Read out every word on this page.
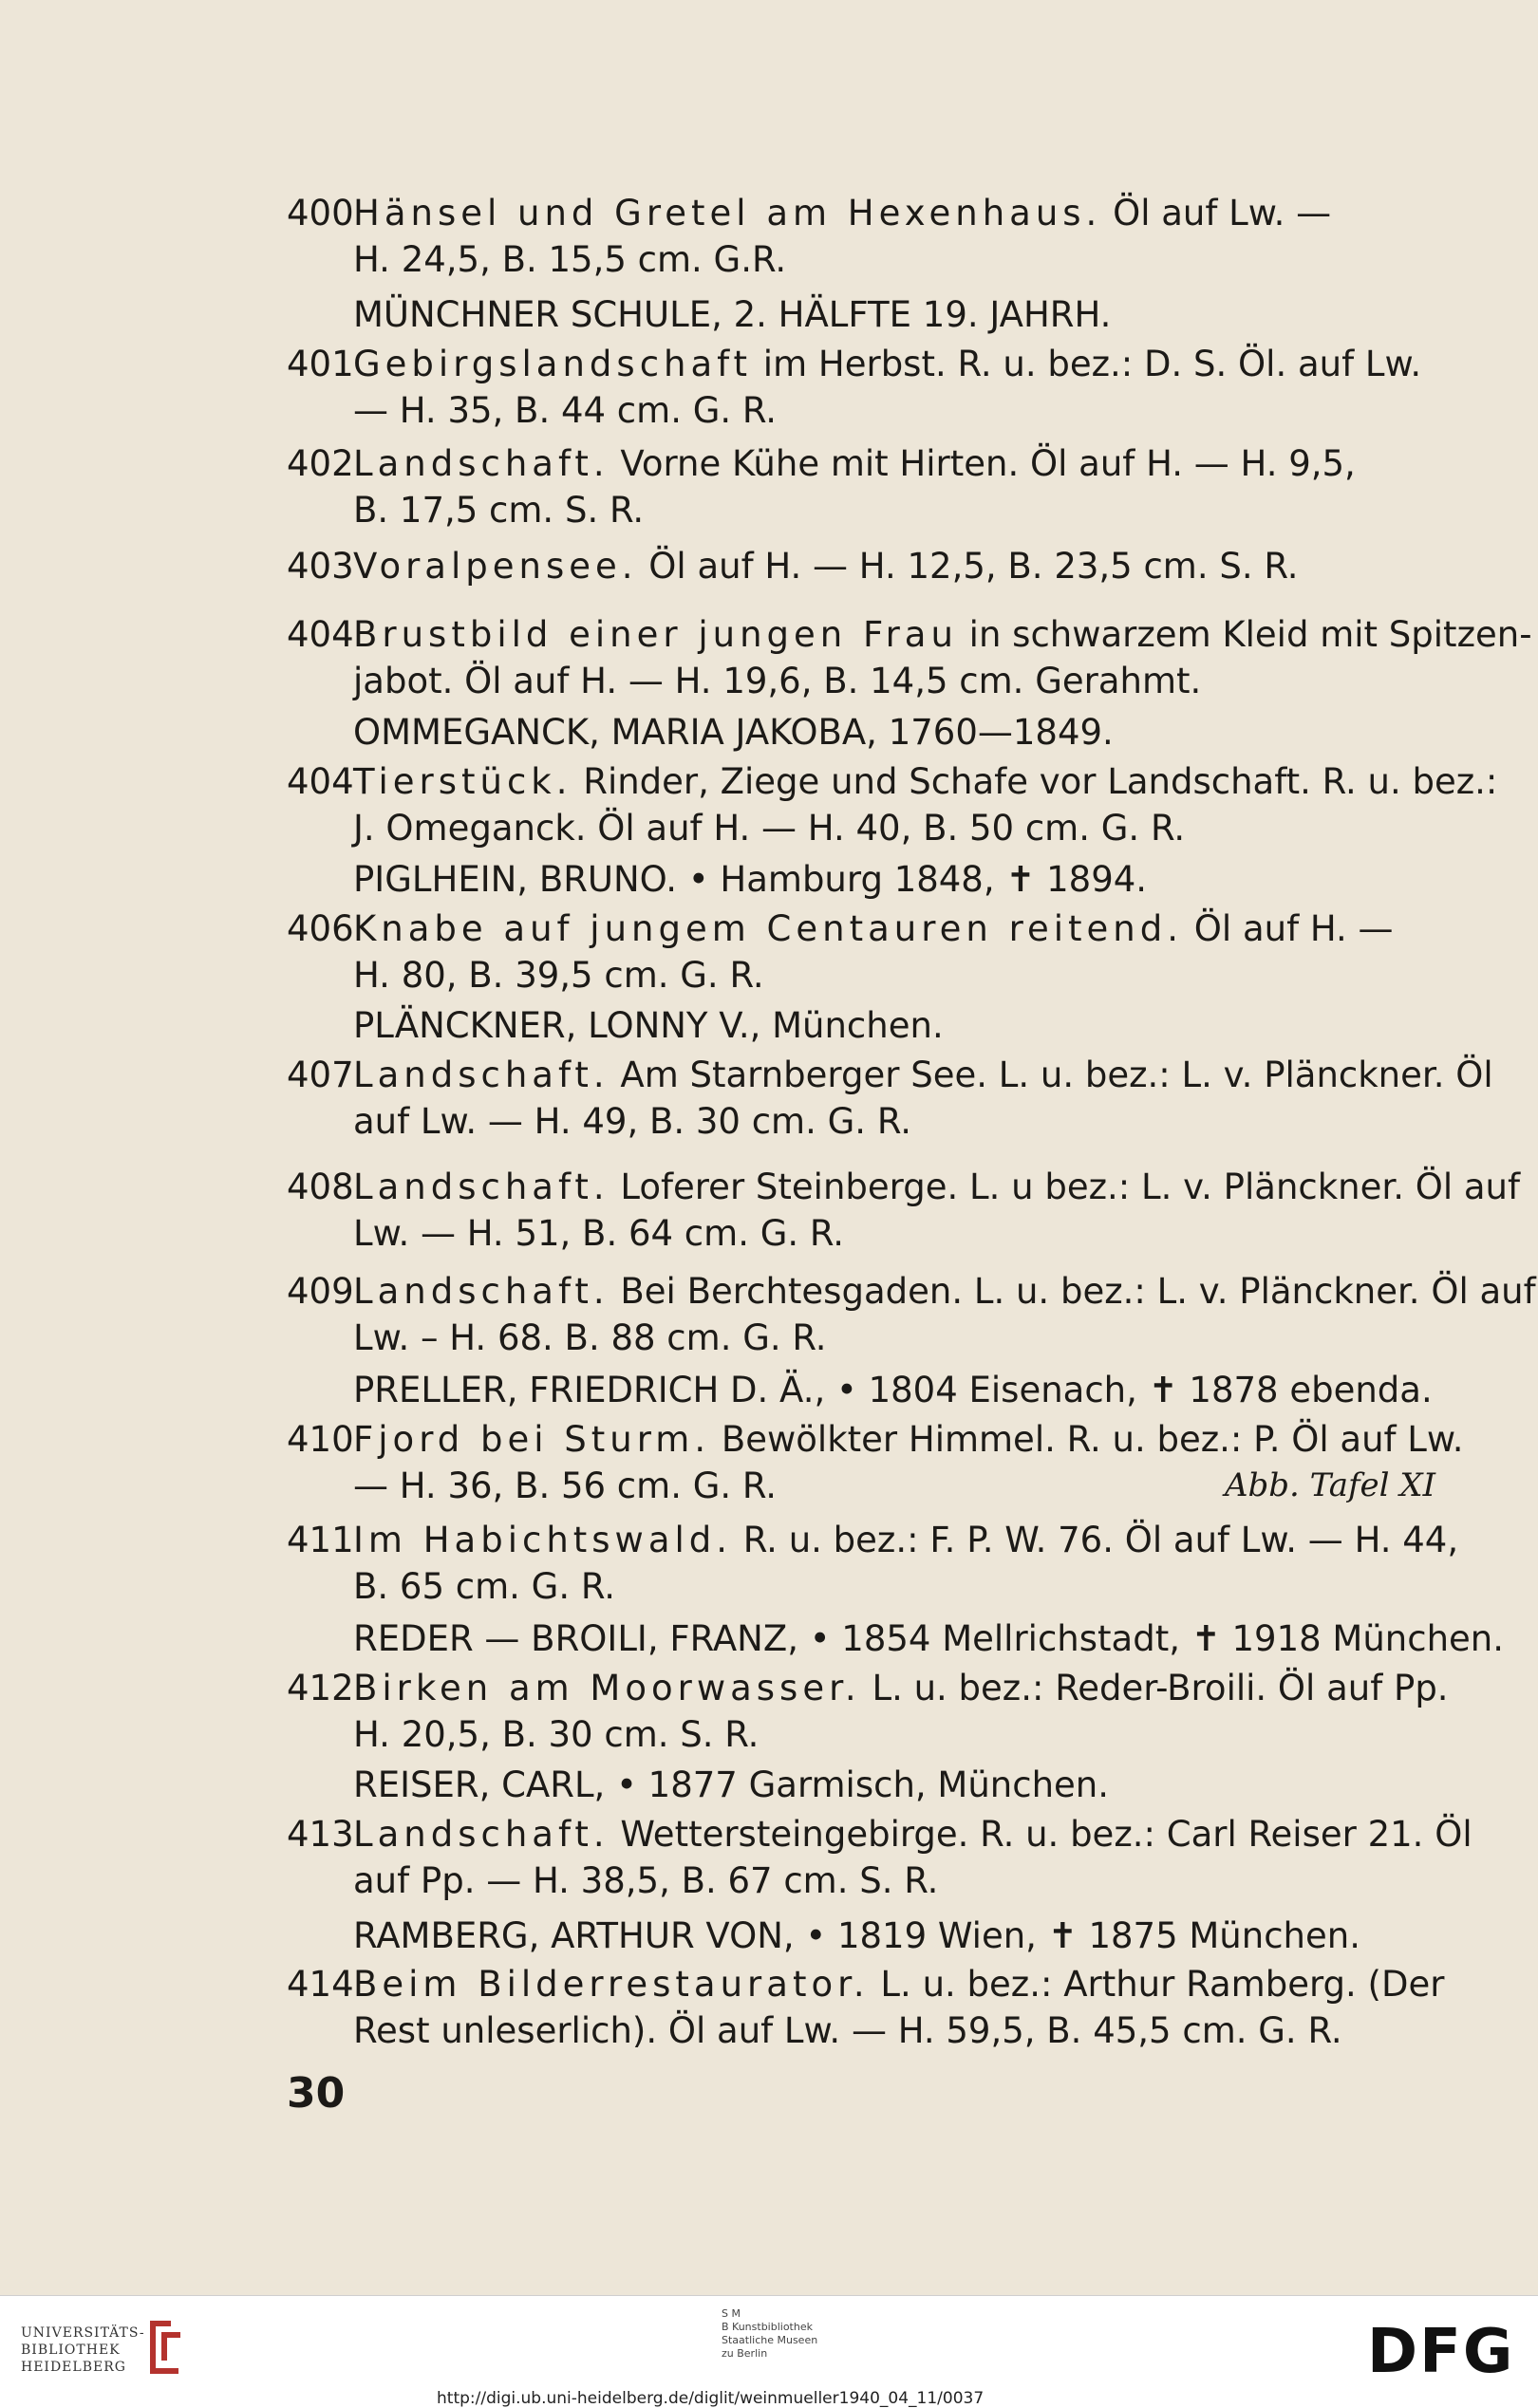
400 Hänsel und Gretel am Hexenhaus. Öl auf Lw. —
H. 24,5, B. 15,5 cm. G.R.
MÜNCHNER SCHULE, 2. HÄLFTE 19. JAHRH.
401 Gebirgslandschaft im Herbst. R. u. bez.: D. S. Öl. auf Lw.
— H. 35, B. 44 cm. G. R.
402 Landschaft. Vorne Kühe mit Hirten. Öl auf H. — H. 9,5,
B. 17,5 cm. S. R.
403 Voralpensee. Öl auf H. — H. 12,5, B. 23,5 cm. S. R.
404 Brustbild einer jungen Frau in schwarzem Kleid mit Spitzen-
jabot. Öl auf H. — H. 19,6, B. 14,5 cm. Gerahmt.
OMMEGANCK, MARIA JAKOBA, 1760—1849.
404 Tierstück. Rinder, Ziege und Schafe vor Landschaft. R. u. bez.:
J. Omeganck. Öl auf H. — H. 40, B. 50 cm. G. R.
PIGLHEIN, BRUNO. • Hamburg 1848, ✝ 1894.
406 Knabe auf jungem Centauren reitend. Öl auf H. —
H. 80, B. 39,5 cm. G. R.
PLÄNCKNER, LONNY V., München.
407 Landschaft. Am Starnberger See. L. u. bez.: L. v. Plänckner. Öl
auf Lw. — H. 49, B. 30 cm. G. R.
408 Landschaft. Loferer Steinberge. L. u bez.: L. v. Plänckner. Öl auf
Lw. — H. 51, B. 64 cm. G. R.
409 Landschaft. Bei Berchtesgaden. L. u. bez.: L. v. Plänckner. Öl auf
Lw. – H. 68. B. 88 cm. G. R.
PRELLER, FRIEDRICH D. Ä., • 1804 Eisenach, ✝ 1878 ebenda.
410 Fjord bei Sturm. Bewölkter Himmel. R. u. bez.: P. Öl auf Lw.
— H. 36, B. 56 cm. G. R.	Abb. Tafel XI
411 Im Habichtswald. R. u. bez.: F. P. W. 76. Öl auf Lw. — H. 44,
B. 65 cm. G. R.
REDER — BROILI, FRANZ, • 1854 Mellrichstadt, ✝ 1918 München.
412 Birken am Moorwasser. L. u. bez.: Reder-Broili. Öl auf Pp.
H. 20,5, B. 30 cm. S. R.
REISER, CARL, • 1877 Garmisch, München.
413 Landschaft. Wettersteingebirge. R. u. bez.: Carl Reiser 21. Öl
auf Pp. — H. 38,5, B. 67 cm. S. R.
RAMBERG, ARTHUR VON, • 1819 Wien, ✝ 1875 München.
414 Beim Bilderrestaurator. L. u. bez.: Arthur Ramberg. (Der
Rest unleserlich). Öl auf Lw. — H. 59,5, B. 45,5 cm. G. R.
30
UNIVERSITÄTS-
BIBLIOTHEK
HEIDELBERG
S M
B Kunstbibliothek
Staatliche Museen
zu Berlin	DFG
http://digi.ub.uni-heidelberg.de/diglit/weinmueller1940_04_11/0037
